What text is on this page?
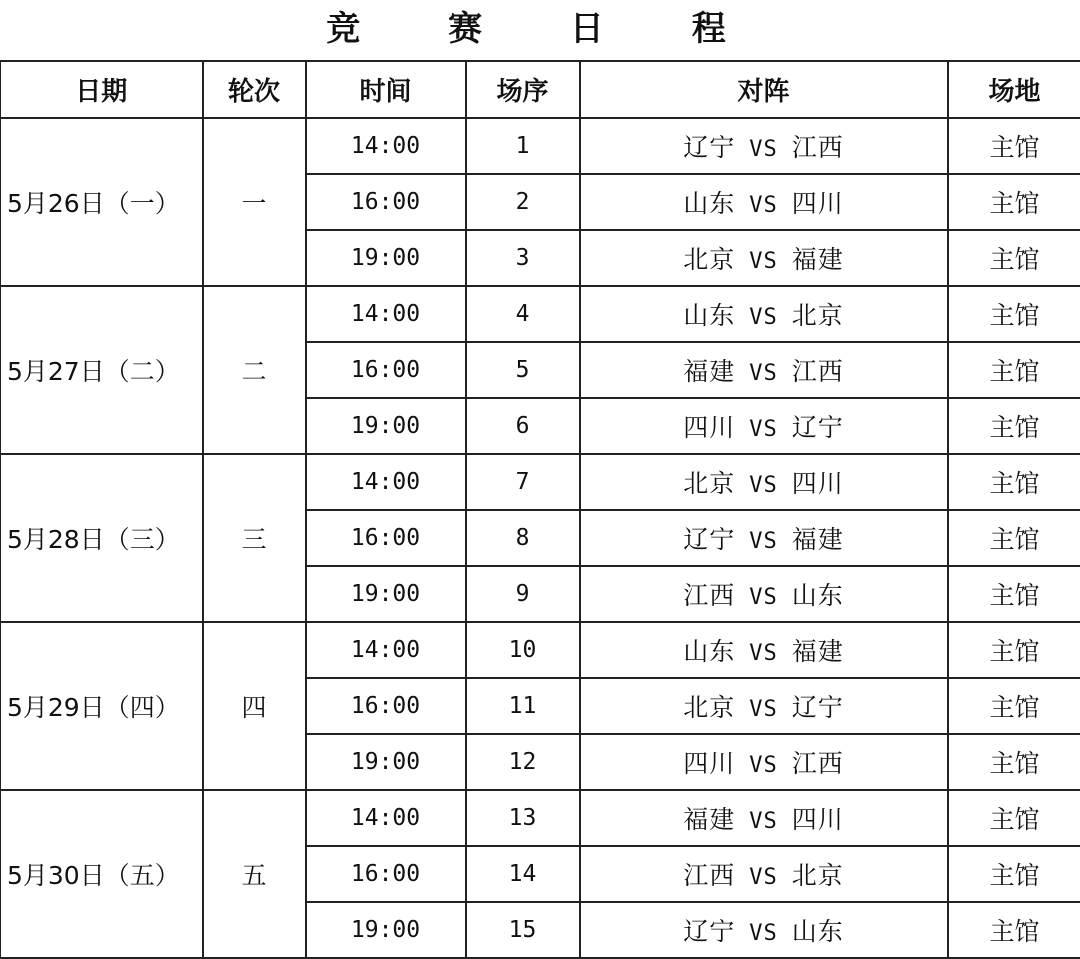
竞 赛 日 程
日期	轮次	时间	场序	对阵	场地
5月26日（一）	一	14:00	1	辽宁 VS 江西	主馆
		16:00	2	山东 VS 四川	主馆
		19:00	3	北京 VS 福建	主馆
5月27日（二）	二	14:00	4	山东 VS 北京	主馆
		16:00	5	福建 VS 江西	主馆
		19:00	6	四川 VS 辽宁	主馆
5月28日（三）	三	14:00	7	北京 VS 四川	主馆
		16:00	8	辽宁 VS 福建	主馆
		19:00	9	江西 VS 山东	主馆
5月29日（四）	四	14:00	10	山东 VS 福建	主馆
		16:00	11	北京 VS 辽宁	主馆
		19:00	12	四川 VS 江西	主馆
5月30日（五）	五	14:00	13	福建 VS 四川	主馆
		16:00	14	江西 VS 北京	主馆
		19:00	15	辽宁 VS 山东	主馆
